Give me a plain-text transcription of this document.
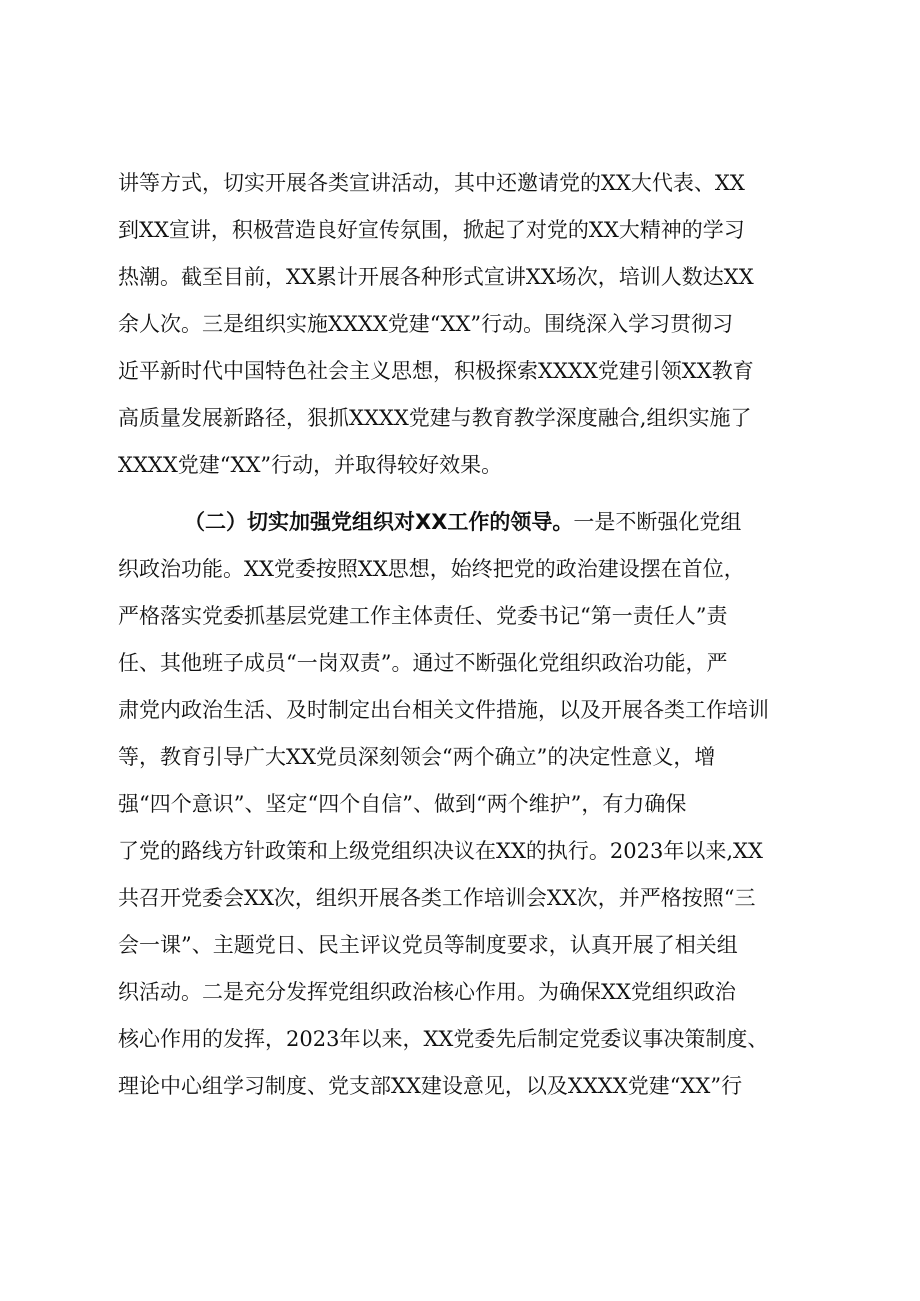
讲等方式，切实开展各类宣讲活动，其中还邀请党的XX大代表、XX
到XX宣讲，积极营造良好宣传氛围，掀起了对党的XX大精神的学习
热潮。截至目前，XX累计开展各种形式宣讲XX场次，培训人数达XX
余人次。三是组织实施XXXX党建“XX”行动。围绕深入学习贯彻习
近平新时代中国特色社会主义思想，积极探索XXXX党建引领XX教育
高质量发展新路径，狠抓XXXX党建与教育教学深度融合,组织实施了
XXXX党建“XX”行动，并取得较好效果。
（二）切实加强党组织对XX工作的领导。 一是不断强化党组
织政治功能。XX党委按照XX思想，始终把党的政治建设摆在首位，
严格落实党委抓基层党建工作主体责任、党委书记“第一责任人”责
任、其他班子成员“一岗双责”。通过不断强化党组织政治功能，严
肃党内政治生活、及时制定出台相关文件措施，以及开展各类工作培训
等，教育引导广大XX党员深刻领会“两个确立”的决定性意义，增
强“四个意识”、坚定“四个自信”、做到“两个维护”，有力确保
了党的路线方针政策和上级党组织决议在XX的执行。2023年以来,XX
共召开党委会XX次，组织开展各类工作培训会XX次，并严格按照“三
会一课”、主题党日、民主评议党员等制度要求，认真开展了相关组
织活动。二是充分发挥党组织政治核心作用。为确保XX党组织政治
核心作用的发挥，2023年以来，XX党委先后制定党委议事决策制度、
理论中心组学习制度、党支部XX建设意见，以及XXXX党建“XX”行
